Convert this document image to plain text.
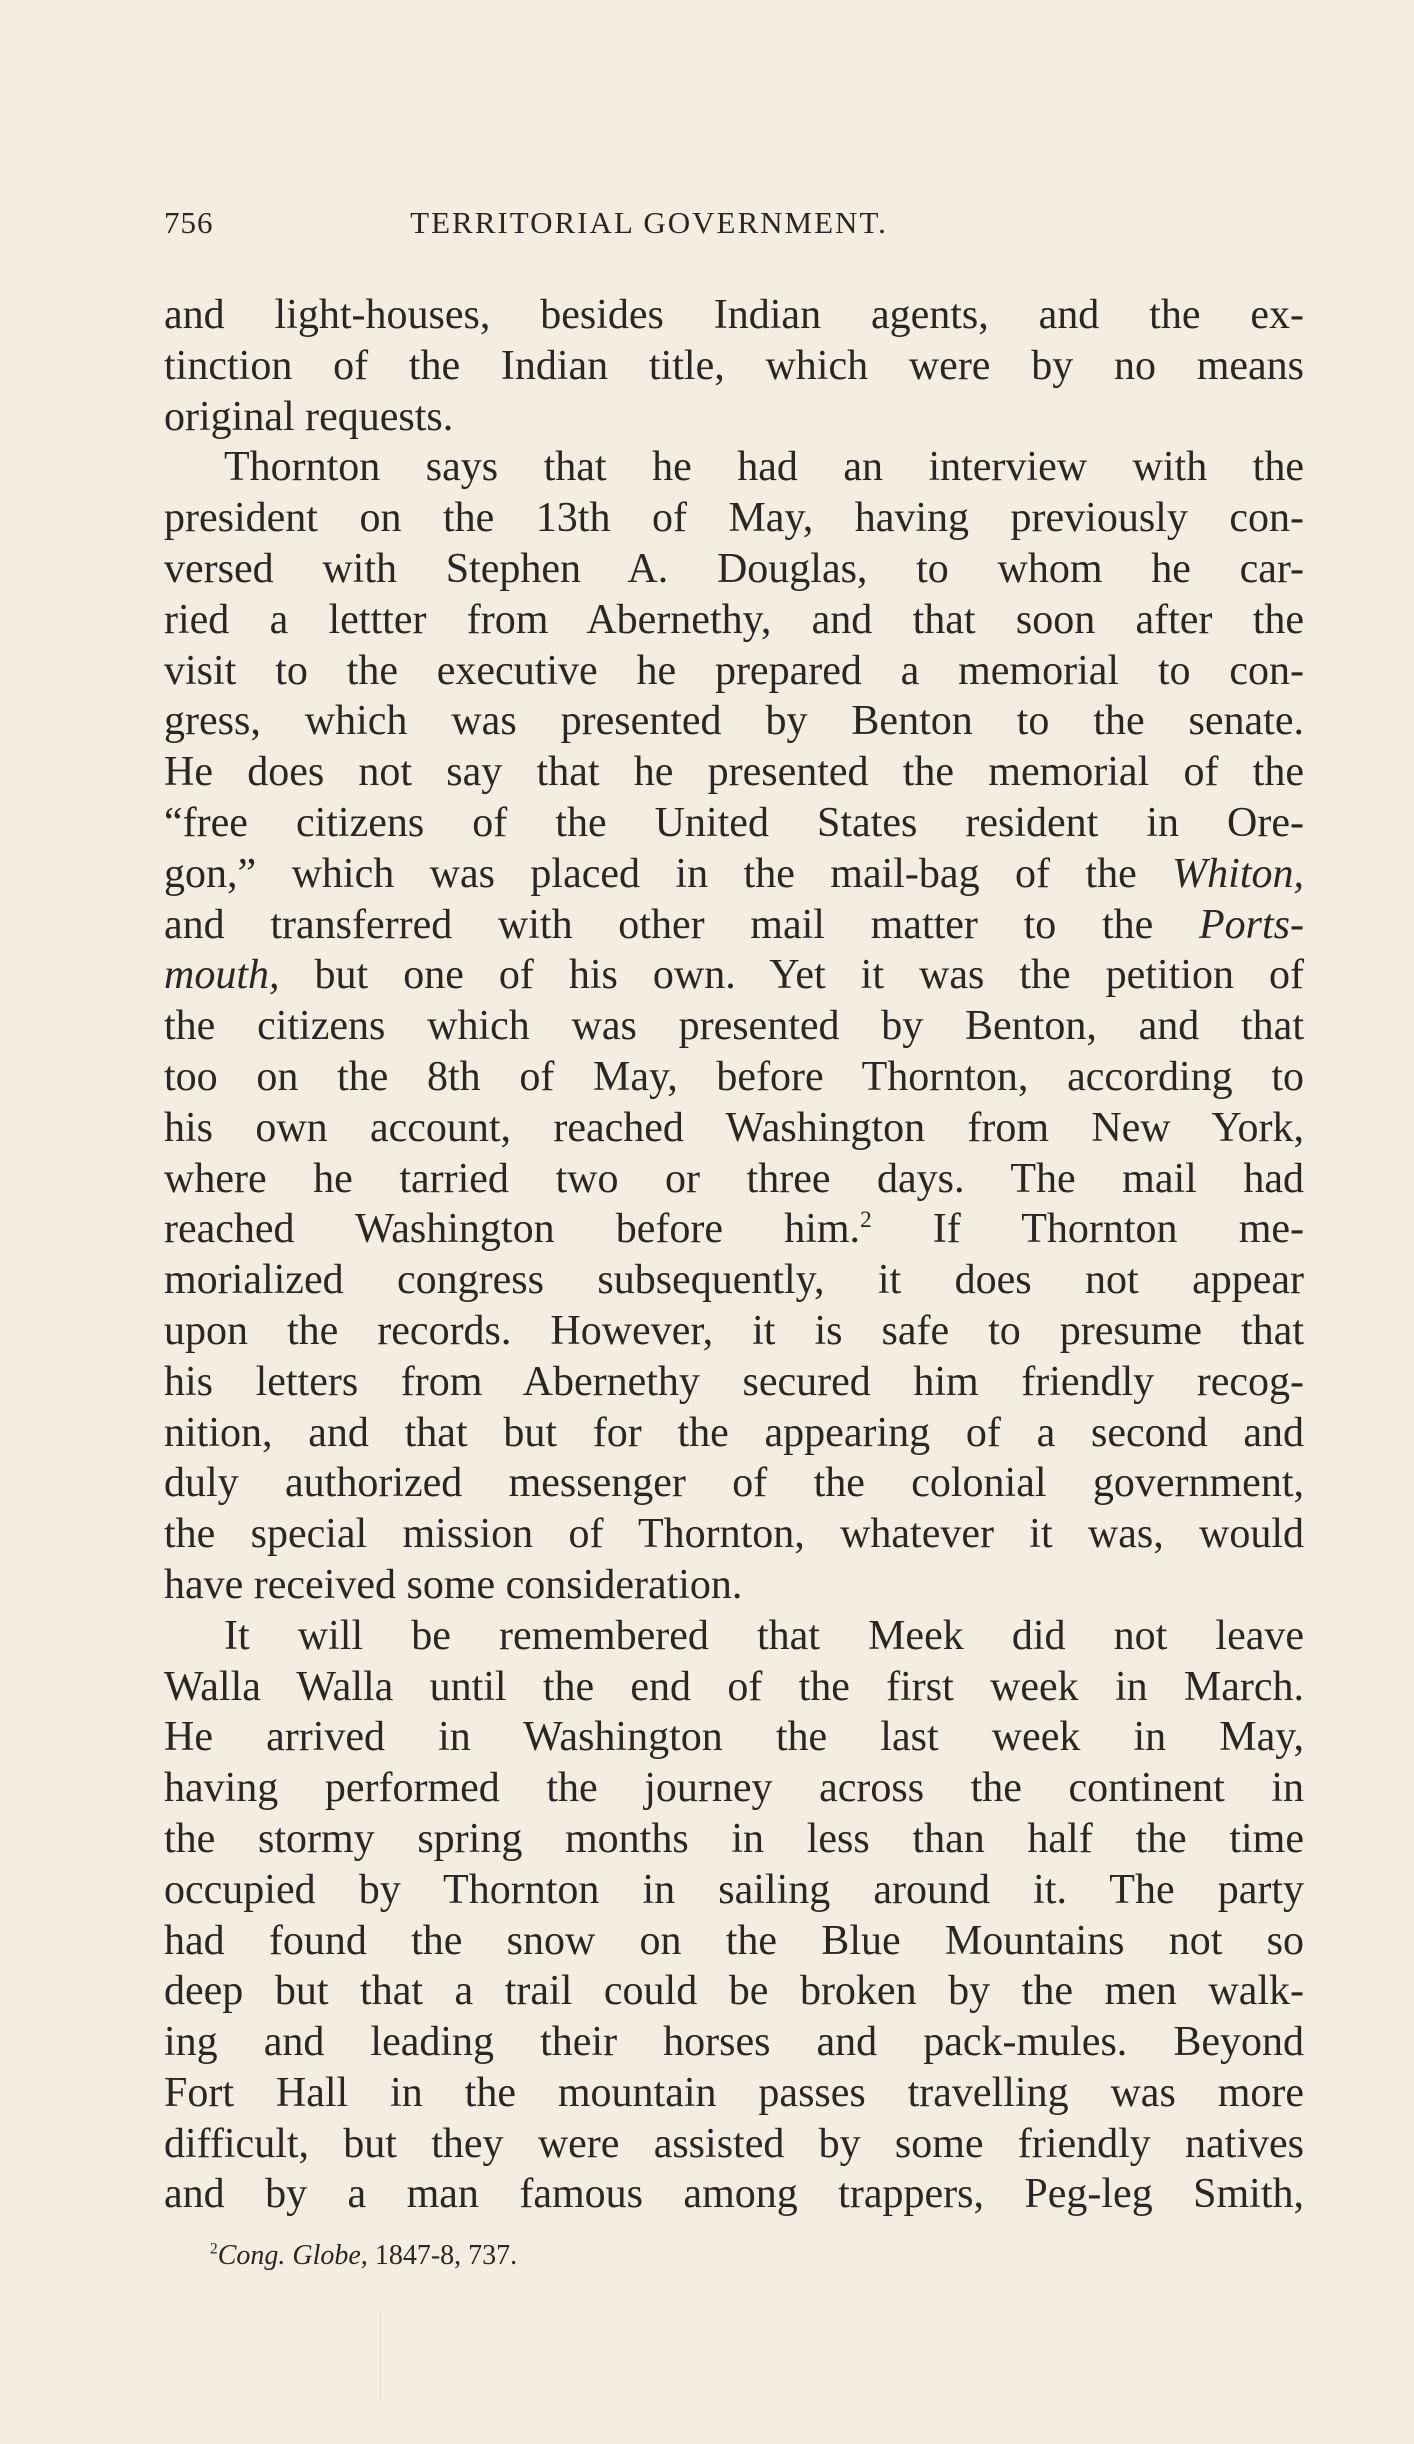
756	TERRITORIAL GOVERNMENT.
and light-houses, besides Indian agents, and the ex-
tinction of the Indian title, which were by no means
original requests.
Thornton says that he had an interview with the
president on the 13th of May, having previously con-
versed with Stephen A. Douglas, to whom he car-
ried a lettter from Abernethy, and that soon after the
visit to the executive he prepared a memorial to con-
gress, which was presented by Benton to the senate.
He does not say that he presented the memorial of the
“free citizens of the United States resident in Ore-
gon,” which was placed in the mail-bag of the Whiton,
and transferred with other mail matter to the Ports-
mouth, but one of his own. Yet it was the petition of
the citizens which was presented by Benton, and that
too on the 8th of May, before Thornton, according to
his own account, reached Washington from New York,
where he tarried two or three days. The mail had
reached Washington before him.$^2$ If Thornton me-
morialized congress subsequently, it does not appear
upon the records. However, it is safe to presume that
his letters from Abernethy secured him friendly recog-
nition, and that but for the appearing of a second and
duly authorized messenger of the colonial government,
the special mission of Thornton, whatever it was, would
have received some consideration.
It will be remembered that Meek did not leave
Walla Walla until the end of the first week in March.
He arrived in Washington the last week in May,
having performed the journey across the continent in
the stormy spring months in less than half the time
occupied by Thornton in sailing around it. The party
had found the snow on the Blue Mountains not so
deep but that a trail could be broken by the men walk-
ing and leading their horses and pack-mules. Beyond
Fort Hall in the mountain passes travelling was more
difficult, but they were assisted by some friendly natives
and by a man famous among trappers, Peg-leg Smith,
$^2$Cong. Globe, 1847-8, 737.
